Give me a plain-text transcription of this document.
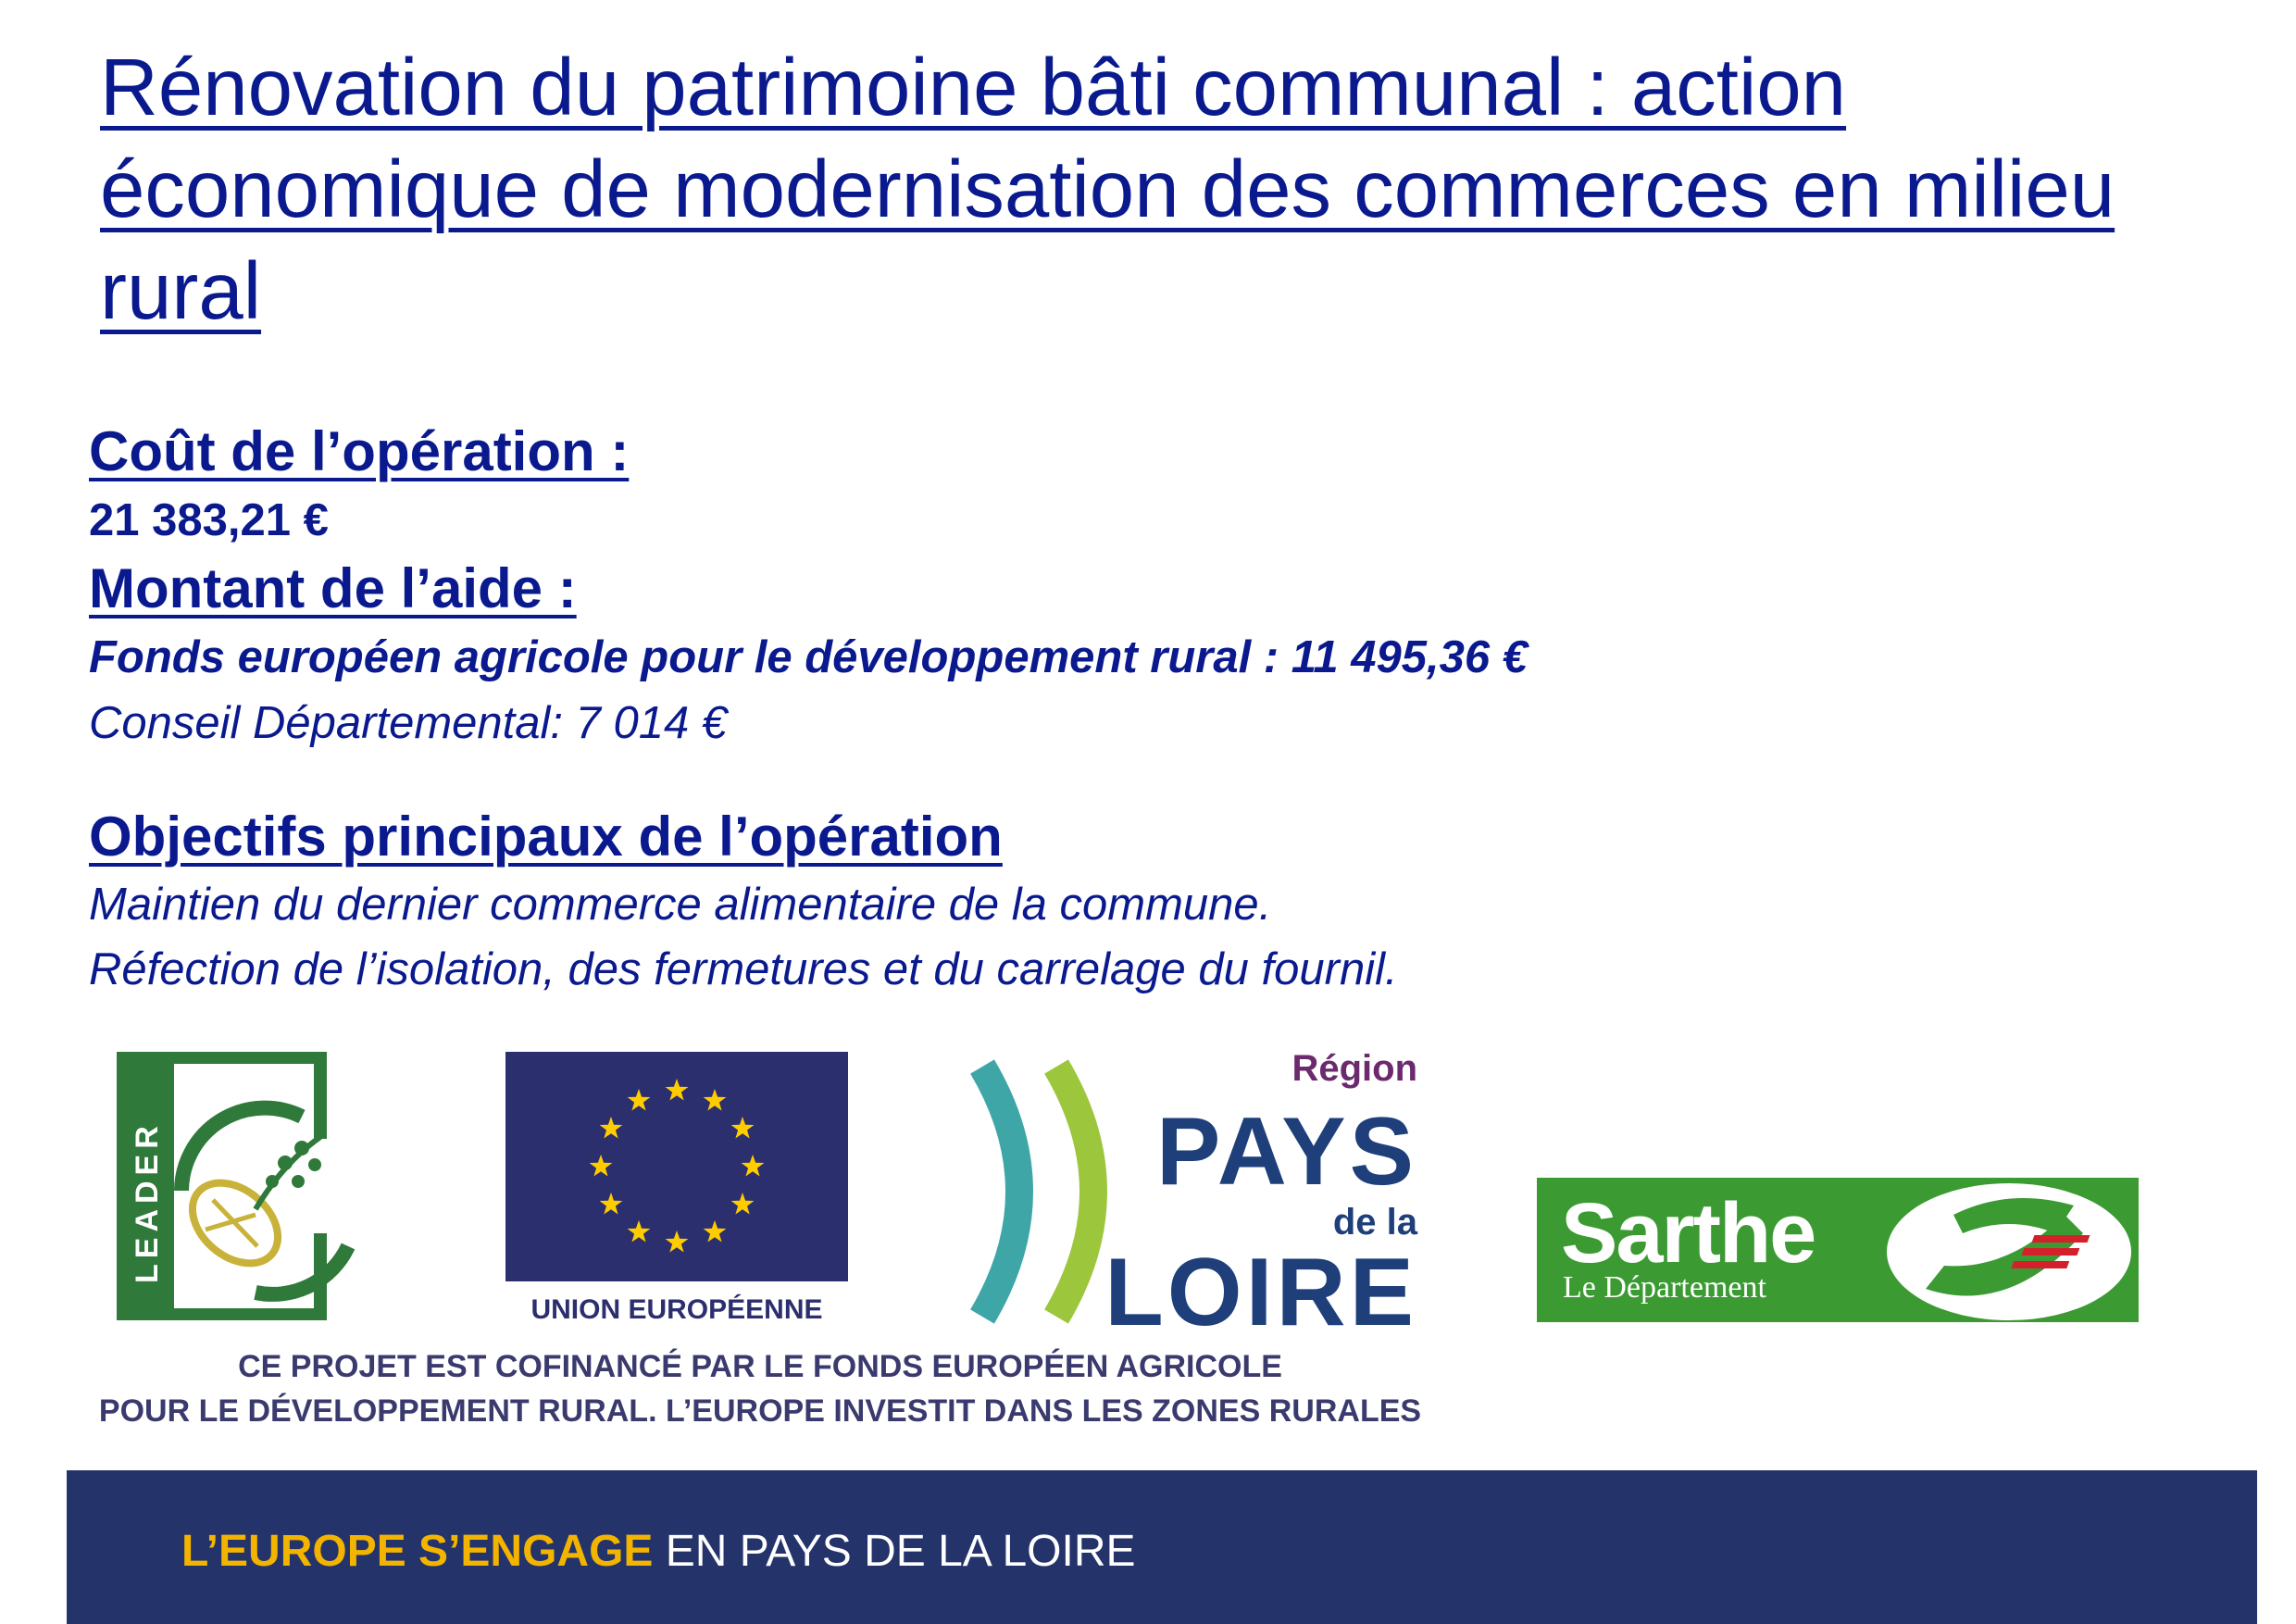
Rénovation du patrimoine bâti communal : action économique de modernisation des commerces en milieu rural
Coût de l’opération :
21 383,21 €
Montant de l’aide :
Fonds européen agricole pour le développement rural : 11 495,36 €
Conseil Départemental: 7 014 €
Objectifs principaux de l’opération
Maintien du dernier commerce alimentaire de la commune.
Réfection de l’isolation, des fermetures et du carrelage du fournil.
LEADER
UNION EUROPÉENNE
Région
PAYS
de la
LOIRE
CE PROJET EST COFINANCÉ PAR LE FONDS EUROPÉEN AGRICOLE
POUR LE DÉVELOPPEMENT RURAL. L’EUROPE INVESTIT DANS LES ZONES RURALES
Sarthe
Le Département
L’EUROPE S’ENGAGE EN PAYS DE LA LOIRE
